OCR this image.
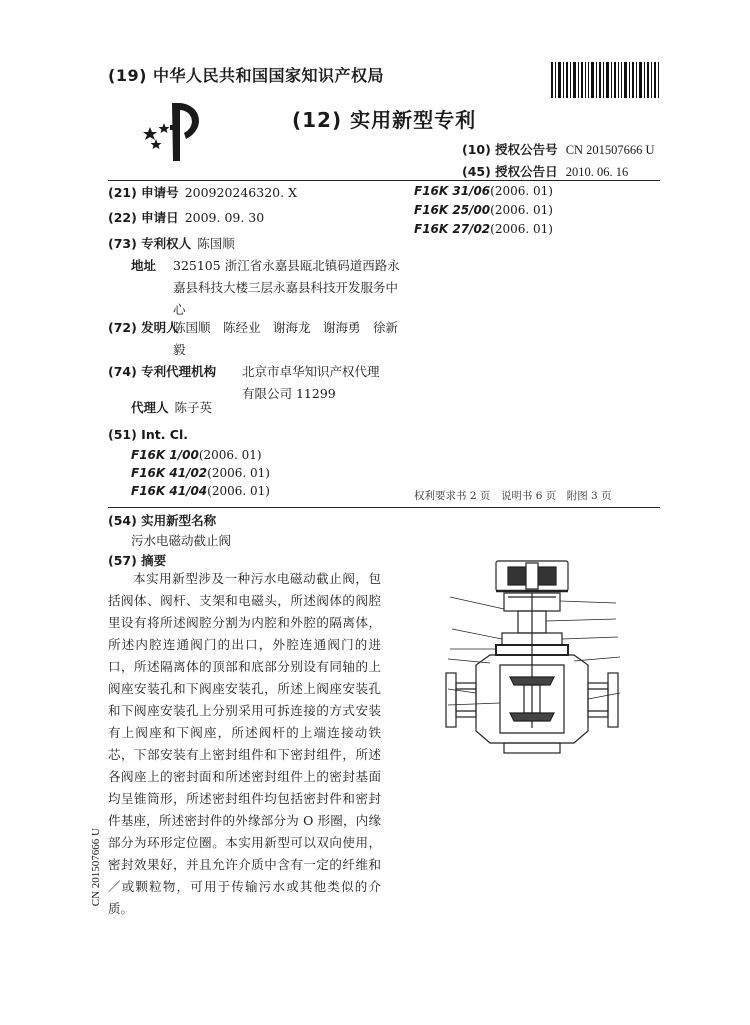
(19) 中华人民共和国国家知识产权局
(12) 实用新型专利
(10) 授权公告号 CN 201507666 U
(45) 授权公告日 2010. 06. 16
(21) 申请号 200920246320. X
(22) 申请日 2009. 09. 30
(73) 专利权人 陈国顺
地址 325105 浙江省永嘉县瓯北镇码道西路永嘉县科技大楼三层永嘉县科技开发服务中心
(72) 发明人
陈国顺　陈经业　谢海龙　谢海勇　徐新毅
(74) 专利代理机构 北京市卓华知识产权代理有限公司 11299
代理人 陈子英
(51) Int. Cl.
F16K 1/00(2006. 01)
F16K 41/02(2006. 01)
F16K 41/04(2006. 01)
F16K 31/06(2006. 01)
F16K 25/00(2006. 01)
F16K 27/02(2006. 01)
权利要求书 2 页　说明书 6 页　附图 3 页
(54) 实用新型名称
污水电磁动截止阀
(57) 摘要
本实用新型涉及一种污水电磁动截止阀，包括阀体、阀杆、支架和电磁头，所述阀体的阀腔里设有将所述阀腔分割为内腔和外腔的隔离体，所述内腔连通阀门的出口，外腔连通阀门的进口，所述隔离体的顶部和底部分别设有同轴的上阀座安装孔和下阀座安装孔，所述上阀座安装孔和下阀座安装孔上分别采用可拆连接的方式安装有上阀座和下阀座，所述阀杆的上端连接动铁芯，下部安装有上密封组件和下密封组件，所述各阀座上的密封面和所述密封组件上的密封基面均呈锥筒形，所述密封组件均包括密封件和密封件基座，所述密封件的外缘部分为 O 形圈，内缘部分为环形定位圈。本实用新型可以双向使用，密封效果好，并且允许介质中含有一定的纤维和／或颗粒物，可用于传输污水或其他类似的介质。
CN 201507666 U
